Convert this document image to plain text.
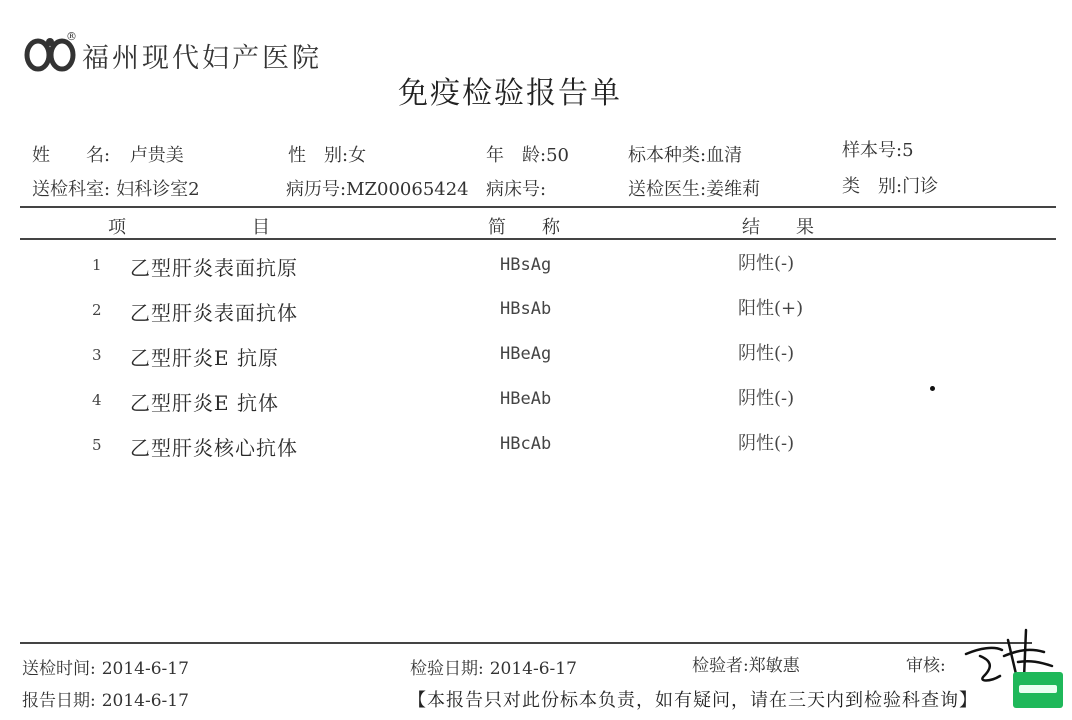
®
福州现代妇产医院
免疫检验报告单
姓　　名: 卢贵美	性　别:女	年　龄:50	标本种类:血清	样本号:5
送检科室: 妇科诊室2	病历号:MZ00065424 病床号:	送检医生:姜维莉	类　别:门诊
项　　　　　　　目	简　　称	结　　果
1 乙型肝炎表面抗原	HBsAg	阴性(-)
2 乙型肝炎表面抗体	HBsAb	阳性(+)
3 乙型肝炎E 抗原	HBeAg	阴性(-)
4 乙型肝炎E 抗体	HBeAb	阴性(-)
5 乙型肝炎核心抗体	HBcAb	阴性(-)
送检时间: 2014-6-17	检验日期: 2014-6-17	检验者:郑敏惠	审核:
报告日期: 2014-6-17	【本报告只对此份标本负责，如有疑问，请在三天内到检验科查询】
